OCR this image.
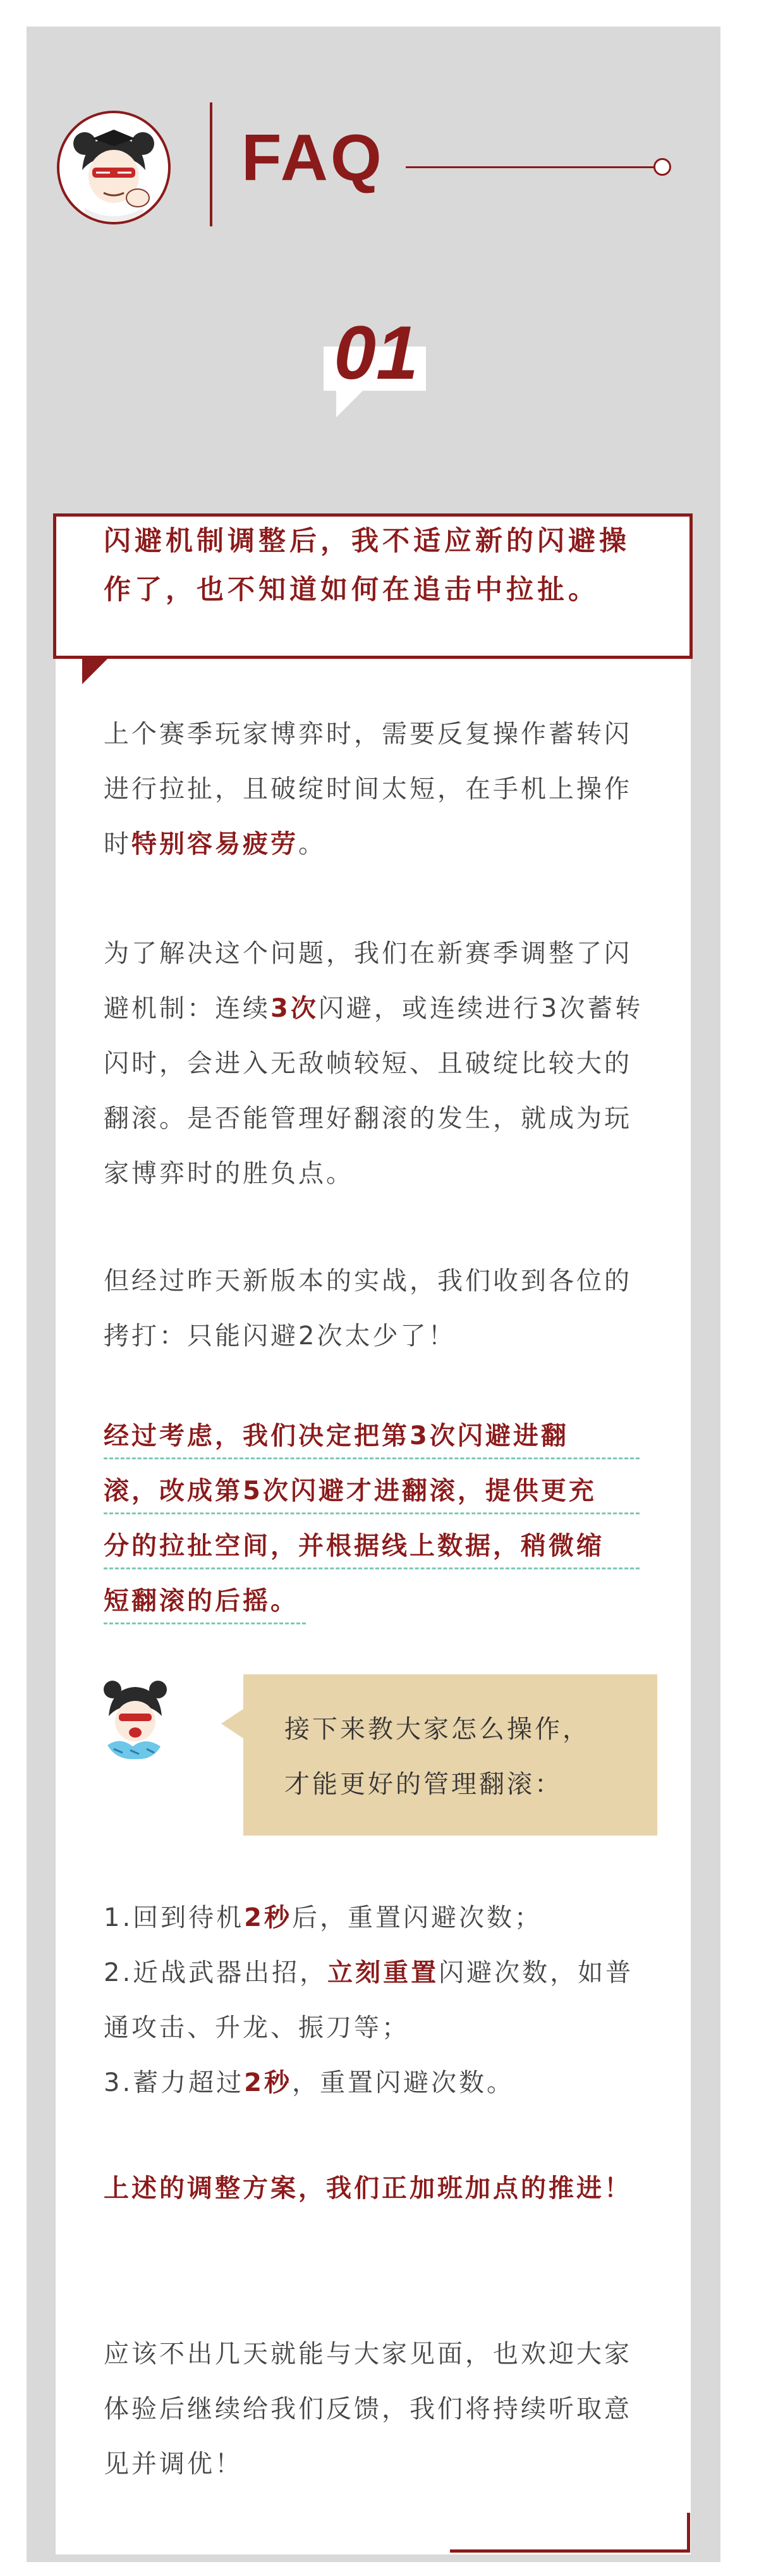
FAQ
01
闪避机制调整后，我不适应新的闪避操作了，也不知道如何在追击中拉扯。
上个赛季玩家博弈时，需要反复操作蓄转闪进行拉扯，且破绽时间太短，在手机上操作时特别容易疲劳。
为了解决这个问题，我们在新赛季调整了闪避机制：连续3次闪避，或连续进行3次蓄转闪时，会进入无敌帧较短、且破绽比较大的翻滚。是否能管理好翻滚的发生，就成为玩家博弈时的胜负点。
但经过昨天新版本的实战，我们收到各位的拷打：只能闪避2次太少了！
经过考虑，我们决定把第3次闪避进翻
滚，改成第5次闪避才进翻滚，提供更充
分的拉扯空间，并根据线上数据，稍微缩
短翻滚的后摇。
接下来教大家怎么操作，
才能更好的管理翻滚：
1.回到待机2秒后，重置闪避次数；
2.近战武器出招，立刻重置闪避次数，如普通攻击、升龙、振刀等；
3.蓄力超过2秒，重置闪避次数。
上述的调整方案，我们正加班加点的推进！
应该不出几天就能与大家见面，也欢迎大家体验后继续给我们反馈，我们将持续听取意见并调优！
